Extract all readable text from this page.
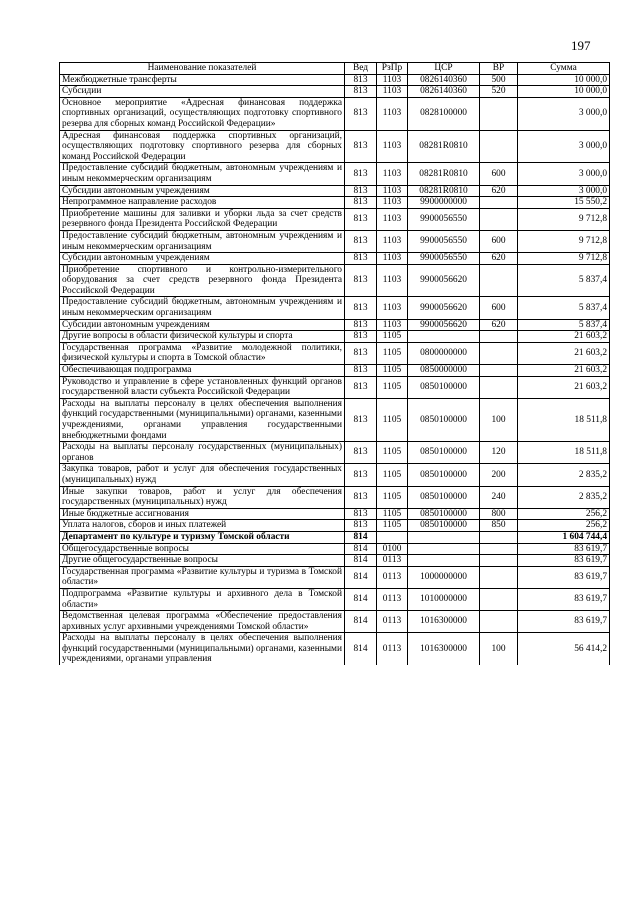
197
Наименование показателей	Вед	РзПр	ЦСР	ВР	Сумма
Межбюджетные трансферты	813	1103	0826140360	500	10 000,0
Субсидии	813	1103	0826140360	520	10 000,0
Основное мероприятие «Адресная финансовая поддержка спортивных организаций, осуществляющих подготовку спортивного резерва для сборных команд Российской Федерации»	813	1103	0828100000		3 000,0
Адресная финансовая поддержка спортивных организаций, осуществляющих подготовку спортивного резерва для сборных команд Российской Федерации	813	1103	08281R0810		3 000,0
Предоставление субсидий бюджетным, автономным учреждениям и иным некоммерческим организациям	813	1103	08281R0810	600	3 000,0
Субсидии автономным учреждениям	813	1103	08281R0810	620	3 000,0
Непрограммное направление расходов	813	1103	9900000000		15 550,2
Приобретение машины для заливки и уборки льда за счет средств резервного фонда Президента Российской Федерации	813	1103	9900056550		9 712,8
Предоставление субсидий бюджетным, автономным учреждениям и иным некоммерческим организациям	813	1103	9900056550	600	9 712,8
Субсидии автономным учреждениям	813	1103	9900056550	620	9 712,8
Приобретение спортивного и контрольно-измерительного оборудования за счет средств резервного фонда Президента Российской Федерации	813	1103	9900056620		5 837,4
Предоставление субсидий бюджетным, автономным учреждениям и иным некоммерческим организациям	813	1103	9900056620	600	5 837,4
Субсидии автономным учреждениям	813	1103	9900056620	620	5 837,4
Другие вопросы в области физической культуры и спорта	813	1105			21 603,2
Государственная программа «Развитие молодежной политики, физической культуры и спорта в Томской области»	813	1105	0800000000		21 603,2
Обеспечивающая подпрограмма	813	1105	0850000000		21 603,2
Руководство и управление в сфере установленных функций органов государственной власти субъекта Российской Федерации	813	1105	0850100000		21 603,2
Расходы на выплаты персоналу в целях обеспечения выполнения функций государственными (муниципальными) органами, казенными учреждениями, органами управления государственными внебюджетными фондами	813	1105	0850100000	100	18 511,8
Расходы на выплаты персоналу государственных (муниципальных) органов	813	1105	0850100000	120	18 511,8
Закупка товаров, работ и услуг для обеспечения государственных (муниципальных) нужд	813	1105	0850100000	200	2 835,2
Иные закупки товаров, работ и услуг для обеспечения государственных (муниципальных) нужд	813	1105	0850100000	240	2 835,2
Иные бюджетные ассигнования	813	1105	0850100000	800	256,2
Уплата налогов, сборов и иных платежей	813	1105	0850100000	850	256,2
Департамент по культуре и туризму Томской области	814				1 604 744,4
Общегосударственные вопросы	814	0100			83 619,7
Другие общегосударственные вопросы	814	0113			83 619,7
Государственная программа «Развитие культуры и туризма в Томской области»	814	0113	1000000000		83 619,7
Подпрограмма «Развитие культуры и архивного дела в Томской области»	814	0113	1010000000		83 619,7
Ведомственная целевая программа «Обеспечение предоставления архивных услуг архивными учреждениями Томской области»	814	0113	1016300000		83 619,7
Расходы на выплаты персоналу в целях обеспечения выполнения функций государственными (муниципальными) органами, казенными учреждениями, органами управления	814	0113	1016300000	100	56 414,2
